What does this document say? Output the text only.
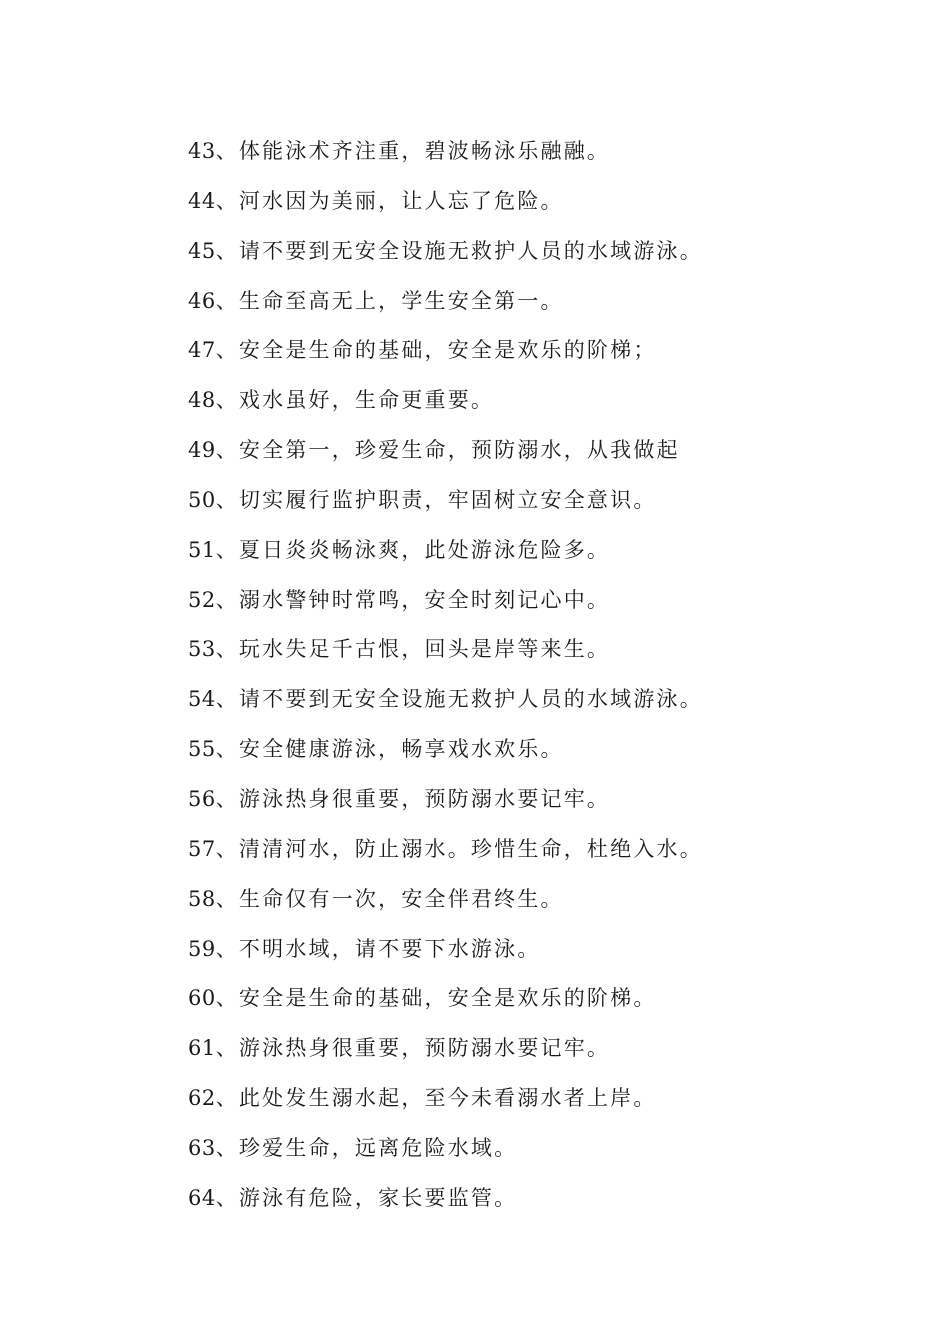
43、体能泳术齐注重，碧波畅泳乐融融。
44、河水因为美丽，让人忘了危险。
45、请不要到无安全设施无救护人员的水域游泳。
46、生命至高无上，学生安全第一。
47、安全是生命的基础，安全是欢乐的阶梯；
48、戏水虽好，生命更重要。
49、安全第一，珍爱生命，预防溺水，从我做起
50、切实履行监护职责，牢固树立安全意识。
51、夏日炎炎畅泳爽，此处游泳危险多。
52、溺水警钟时常鸣，安全时刻记心中。
53、玩水失足千古恨，回头是岸等来生。
54、请不要到无安全设施无救护人员的水域游泳。
55、安全健康游泳，畅享戏水欢乐。
56、游泳热身很重要，预防溺水要记牢。
57、清清河水，防止溺水。珍惜生命，杜绝入水。
58、生命仅有一次，安全伴君终生。
59、不明水域，请不要下水游泳。
60、安全是生命的基础，安全是欢乐的阶梯。
61、游泳热身很重要，预防溺水要记牢。
62、此处发生溺水起，至今未看溺水者上岸。
63、珍爱生命，远离危险水域。
64、游泳有危险，家长要监管。
